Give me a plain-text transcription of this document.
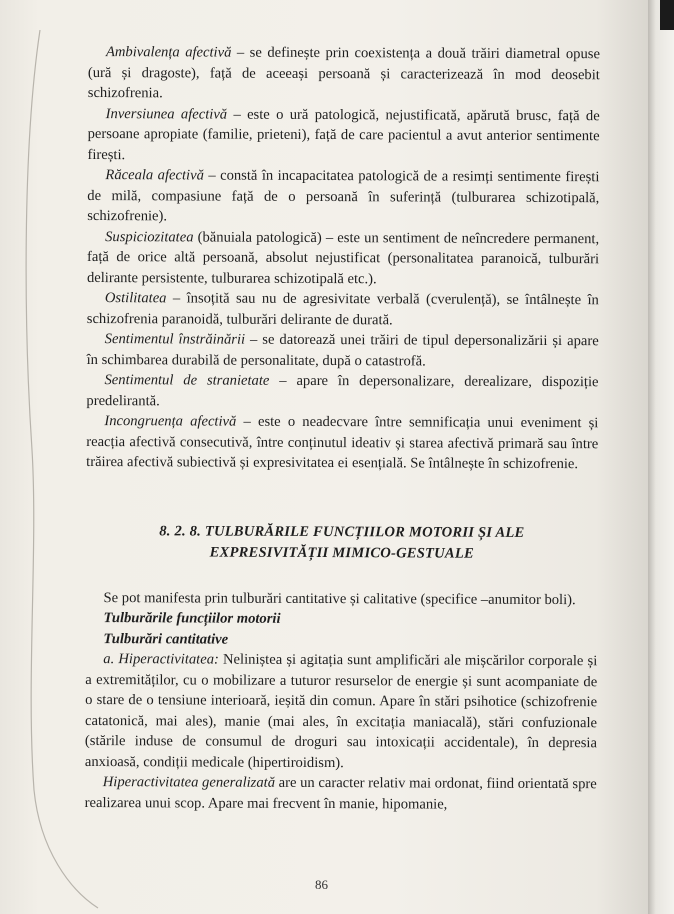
Ambivalența afectivă – se definește prin coexistența a două trăiri diametral opuse (ură și dragoste), față de aceeași persoană și caracterizează în mod deosebit schizofrenia.

Inversiunea afectivă – este o ură patologică, nejustificată, apărută brusc, față de persoane apropiate (familie, prieteni), față de care pacientul a avut anterior sentimente firești.

Răceala afectivă – constă în incapacitatea patologică de a resimți sentimente firești de milă, compasiune față de o persoană în suferință (tulburarea schizotipală, schizofrenie).

Suspiciozitatea (bănuiala patologică) – este un sentiment de neîncredere permanent, față de orice altă persoană, absolut nejustificat (personalitatea paranoică, tulburări delirante persistente, tulburarea schizotipală etc.).

Ostilitatea – însoțită sau nu de agresivitate verbală (cverulență), se întâlnește în schizofrenia paranoidă, tulburări delirante de durată.

Sentimentul înstrăinării – se datorează unei trăiri de tipul depersonalizării și apare în schimbarea durabilă de personalitate, după o catastrofă.

Sentimentul de stranietate – apare în depersonalizare, derealizare, dispoziție predelirantă.

Incongruența afectivă – este o neadecvare între semnificația unui eveniment și reacția afectivă consecutivă, între conținutul ideativ și starea afectivă primară sau între trăirea afectivă subiectivă și expresivitatea ei esențială. Se întâlnește în schizofrenie.

8. 2. 8. TULBURĂRILE FUNCȚIILOR MOTORII ȘI ALE
EXPRESIVITĂȚII MIMICO-GESTUALE

Se pot manifesta prin tulburări cantitative și calitative (specifice –anumitor boli).

Tulburările funcțiilor motorii

Tulburări cantitative

a. Hiperactivitatea: Neliniștea și agitația sunt amplificări ale mișcărilor corporale și a extremităților, cu o mobilizare a tuturor resurselor de energie și sunt acompaniate de o stare de o tensiune interioară, ieșită din comun. Apare în stări psihotice (schizofrenie catatonică, mai ales), manie (mai ales, în excitația maniacală), stări confuzionale (stările induse de consumul de droguri sau intoxicații accidentale), în depresia anxioasă, condiții medicale (hipertiroidism).

Hiperactivitatea generalizată are un caracter relativ mai ordonat, fiind orientată spre realizarea unui scop. Apare mai frecvent în manie, hipomanie,

86
